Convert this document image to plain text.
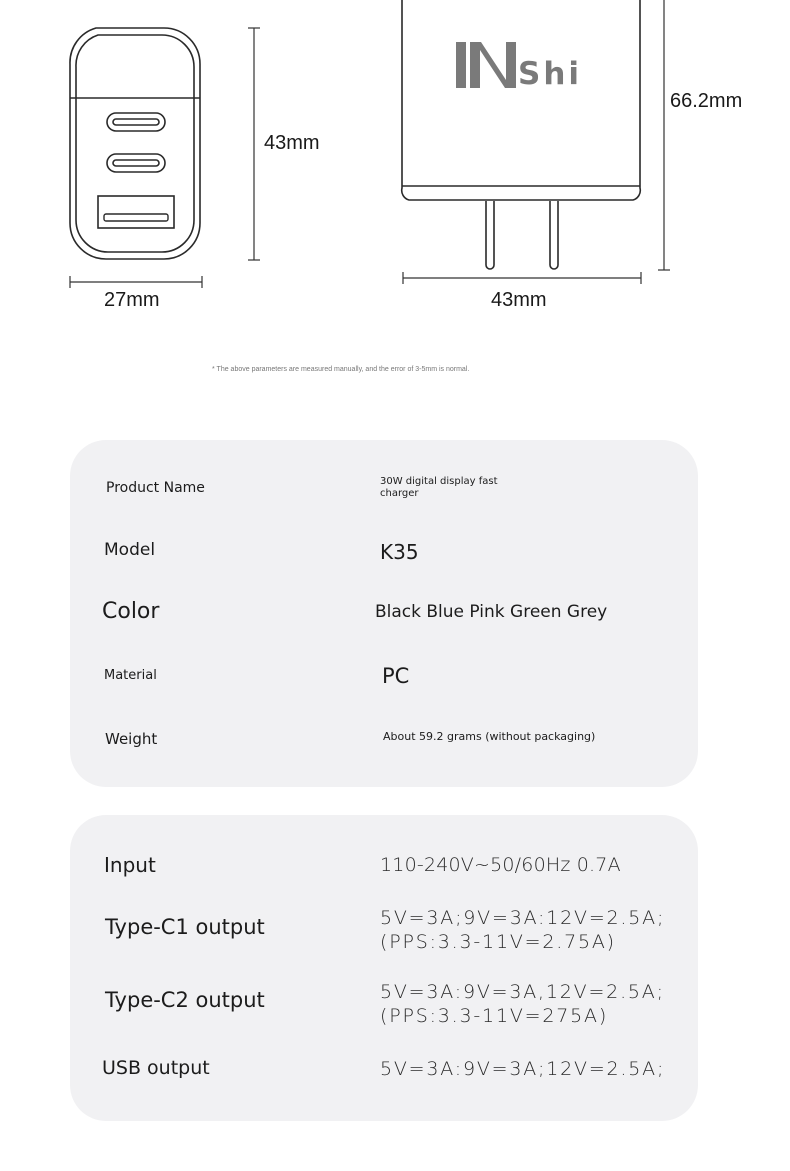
43mm
27mm
Shi
66.2mm
43mm
* The above parameters are measured manually, and the error of 3-5mm is normal.
Product Name	30W digital display fast charger
Model	K35
Color	Black Blue Pink Green Grey
Material	PC
Weight	About 59.2 grams (without packaging)
Input	110-240V~50/60Hz 0.7A
Type-C1 output	5V=3A;9V=3A:12V=2.5A;
(PPS:3.3-11V=2.75A)
Type-C2 output	5V=3A:9V=3A,12V=2.5A;
(PPS:3.3-11V=275A)
USB output	5V=3A:9V=3A;12V=2.5A;
